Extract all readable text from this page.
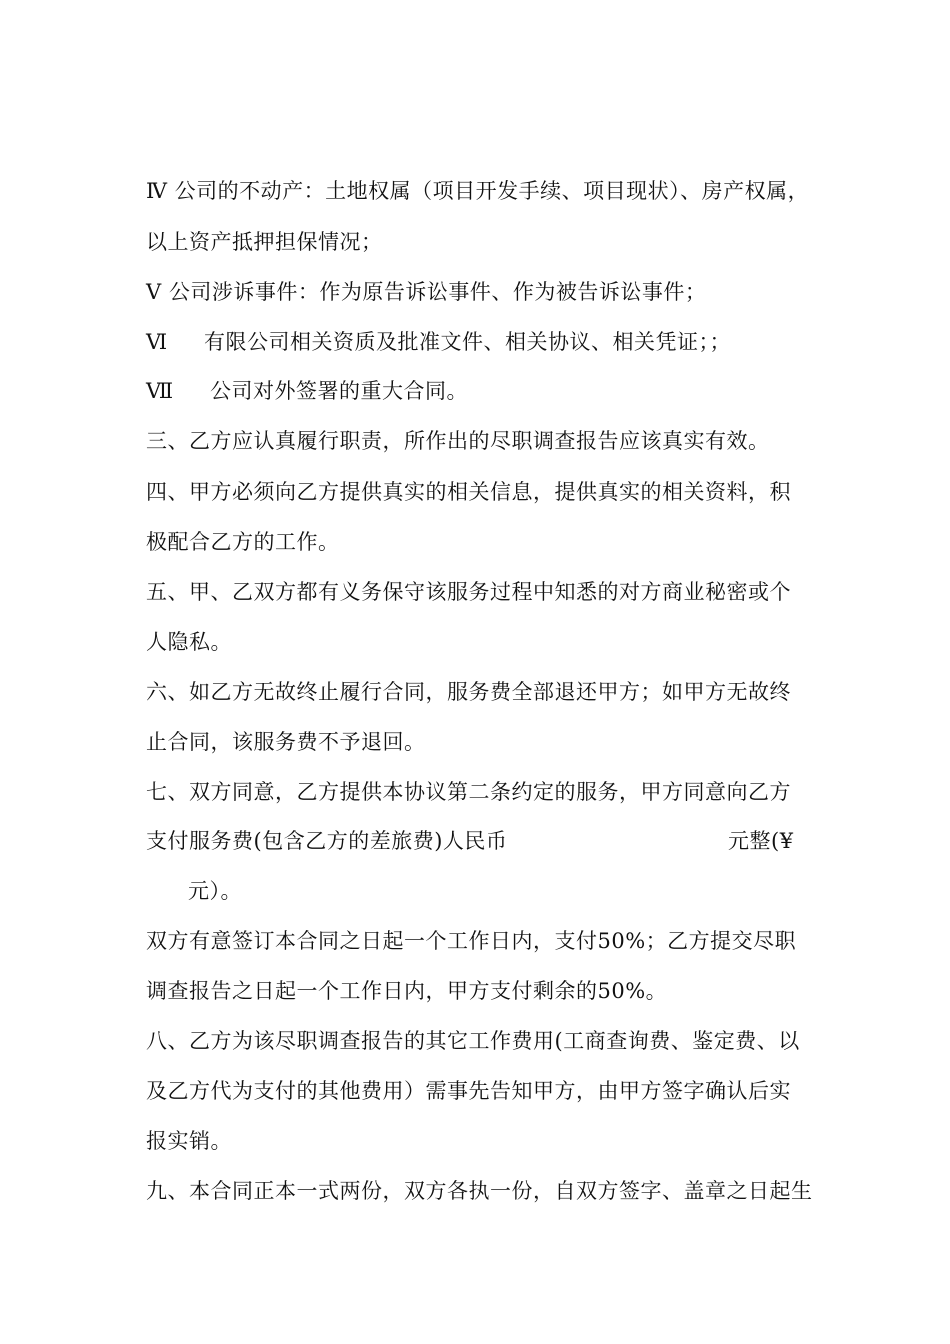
Ⅳ 公司的不动产：土地权属（项目开发手续、项目现状）、房产权属，
以上资产抵押担保情况；
Ⅴ 公司涉诉事件：作为原告诉讼事件、作为被告诉讼事件；
Ⅵ 有限公司相关资质及批准文件、相关协议、相关凭证；；
Ⅶ 公司对外签署的重大合同。
三、乙方应认真履行职责，所作出的尽职调查报告应该真实有效。
四、甲方必须向乙方提供真实的相关信息，提供真实的相关资料，积
极配合乙方的工作。
五、甲、乙双方都有义务保守该服务过程中知悉的对方商业秘密或个
人隐私。
六、如乙方无故终止履行合同，服务费全部退还甲方；如甲方无故终
止合同，该服务费不予退回。
七、双方同意，乙方提供本协议第二条约定的服务，甲方同意向乙方
支付服务费(包含乙方的差旅费)人民币	元整(¥
元）。
双方有意签订本合同之日起一个工作日内，支付50%；乙方提交尽职
调查报告之日起一个工作日内，甲方支付剩余的50%。
八、乙方为该尽职调查报告的其它工作费用(工商查询费、鉴定费、以
及乙方代为支付的其他费用）需事先告知甲方，由甲方签字确认后实
报实销。
九、本合同正本一式两份，双方各执一份，自双方签字、盖章之日起生
